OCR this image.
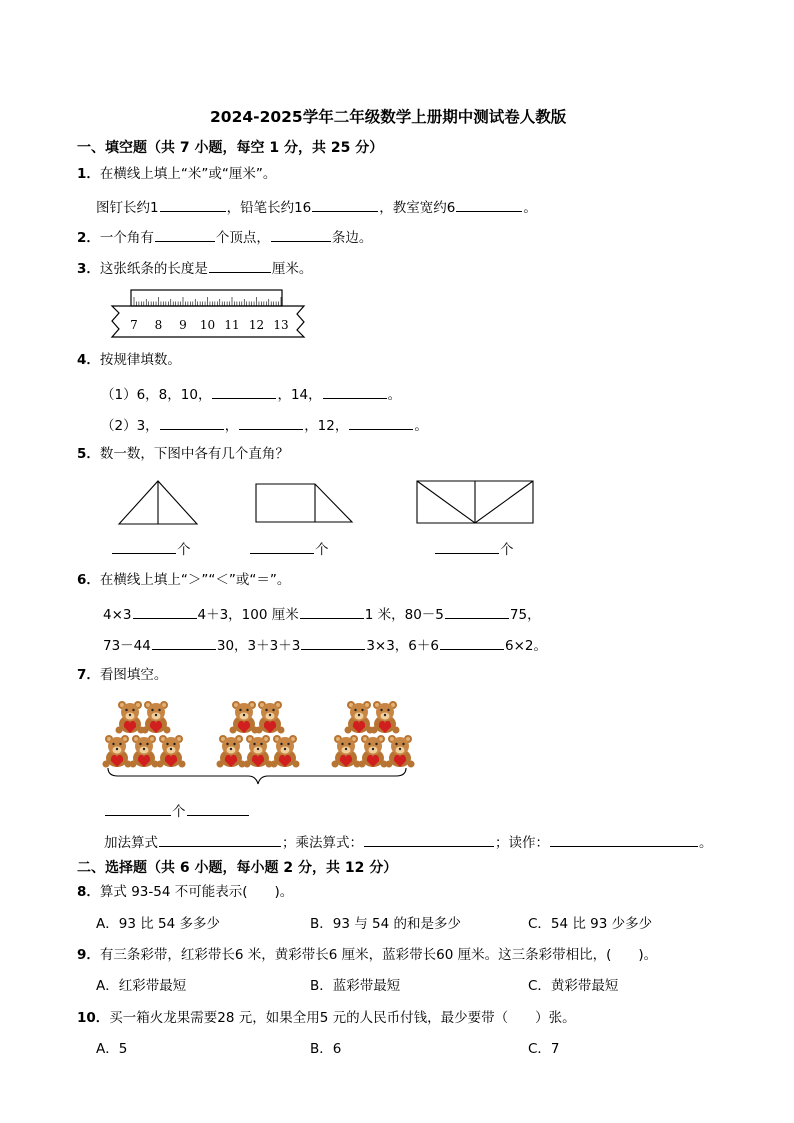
2024-2025学年二年级数学上册期中测试卷人教版
一、填空题（共 7 小题，每空 1 分，共 25 分）
1．在横线上填上“米”或“厘米”。
图钉长约1	，铅笔长约16	，教室宽约6	。
2．一个角有	个顶点，	条边。
3．这张纸条的长度是	厘米。
7 8 9 10 11 12 13
4．按规律填数。
（1）6，8，10，	，14，	。
（2）3，	，	，12，	。
5．数一数，下图中各有几个直角？
个	个	个
6．在横线上填上“＞”“＜”或“＝”。
4×3	4＋3，100 厘米	1 米，80－5	75，
73－44	30，3＋3＋3	3×3，6＋6	6×2。
7．看图填空。
个
加法算式	；乘法算式：	；读作：	。
二、选择题（共 6 小题，每小题 2 分，共 12 分）
8．算式 93-54 不可能表示(　　)。
A．93 比 54 多多少	B．93 与 54 的和是多少	C．54 比 93 少多少
9．有三条彩带，红彩带长6 米，黄彩带长6 厘米，蓝彩带长60 厘米。这三条彩带相比，(　　)。
A．红彩带最短	B．蓝彩带最短	C．黄彩带最短
10．买一箱火龙果需要28 元，如果全用5 元的人民币付钱，最少要带（　　）张。
A．5	B．6	C．7
